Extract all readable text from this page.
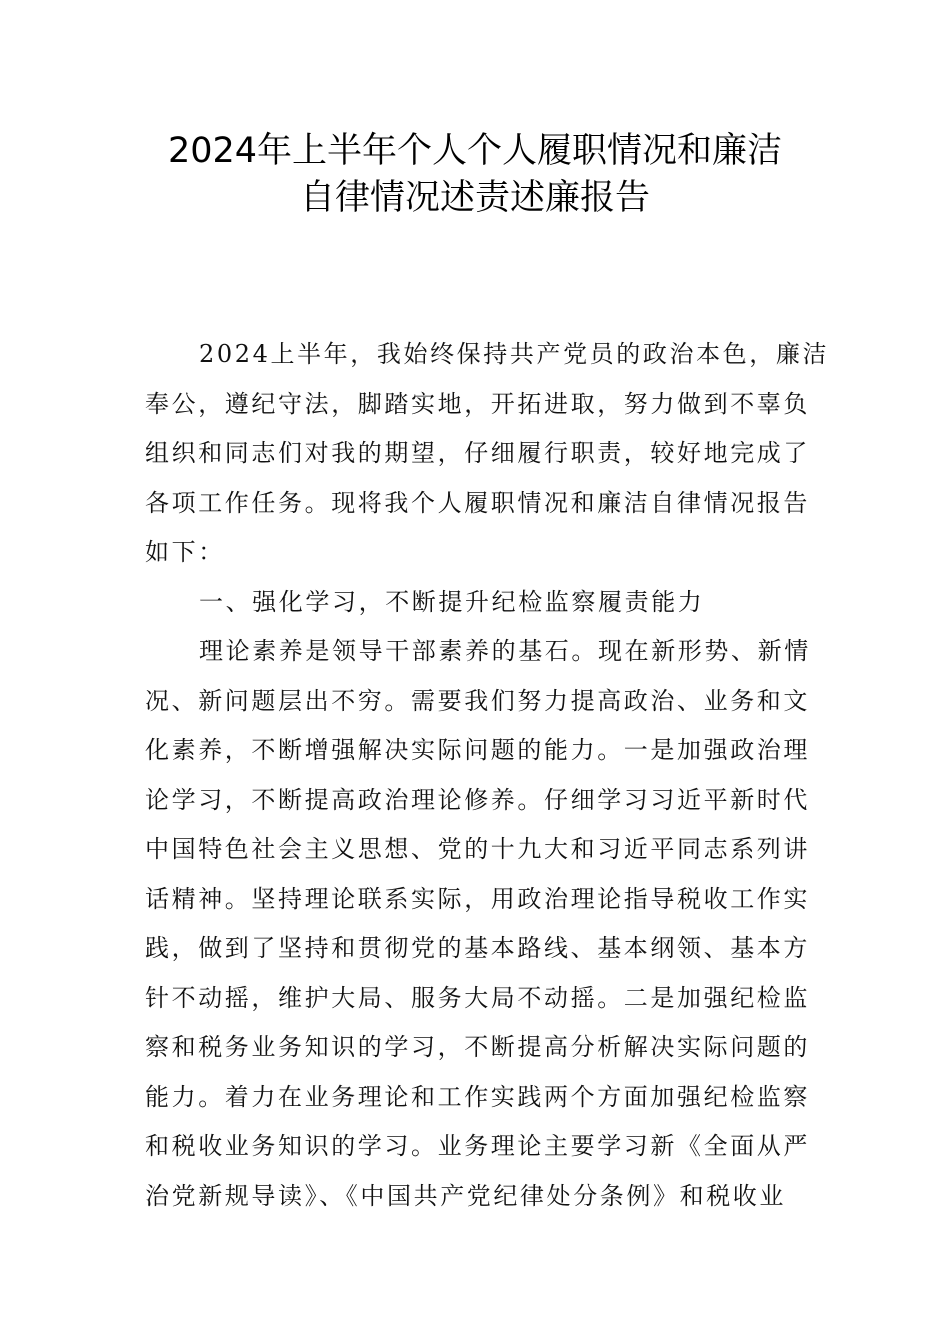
2024年上半年个人个人履职情况和廉洁
自律情况述责述廉报告
2024上半年，我始终保持共产党员的政治本色，廉洁
奉公，遵纪守法，脚踏实地，开拓进取，努力做到不辜负
组织和同志们对我的期望，仔细履行职责，较好地完成了
各项工作任务。现将我个人履职情况和廉洁自律情况报告
如下：
一、强化学习，不断提升纪检监察履责能力
理论素养是领导干部素养的基石。现在新形势、新情
况、新问题层出不穷。需要我们努力提高政治、业务和文
化素养，不断增强解决实际问题的能力。一是加强政治理
论学习，不断提高政治理论修养。仔细学习习近平新时代
中国特色社会主义思想、党的十九大和习近平同志系列讲
话精神。坚持理论联系实际，用政治理论指导税收工作实
践，做到了坚持和贯彻党的基本路线、基本纲领、基本方
针不动摇，维护大局、服务大局不动摇。二是加强纪检监
察和税务业务知识的学习，不断提高分析解决实际问题的
能力。着力在业务理论和工作实践两个方面加强纪检监察
和税收业务知识的学习。业务理论主要学习新《全面从严
治党新规导读》、《中国共产党纪律处分条例》和税收业
